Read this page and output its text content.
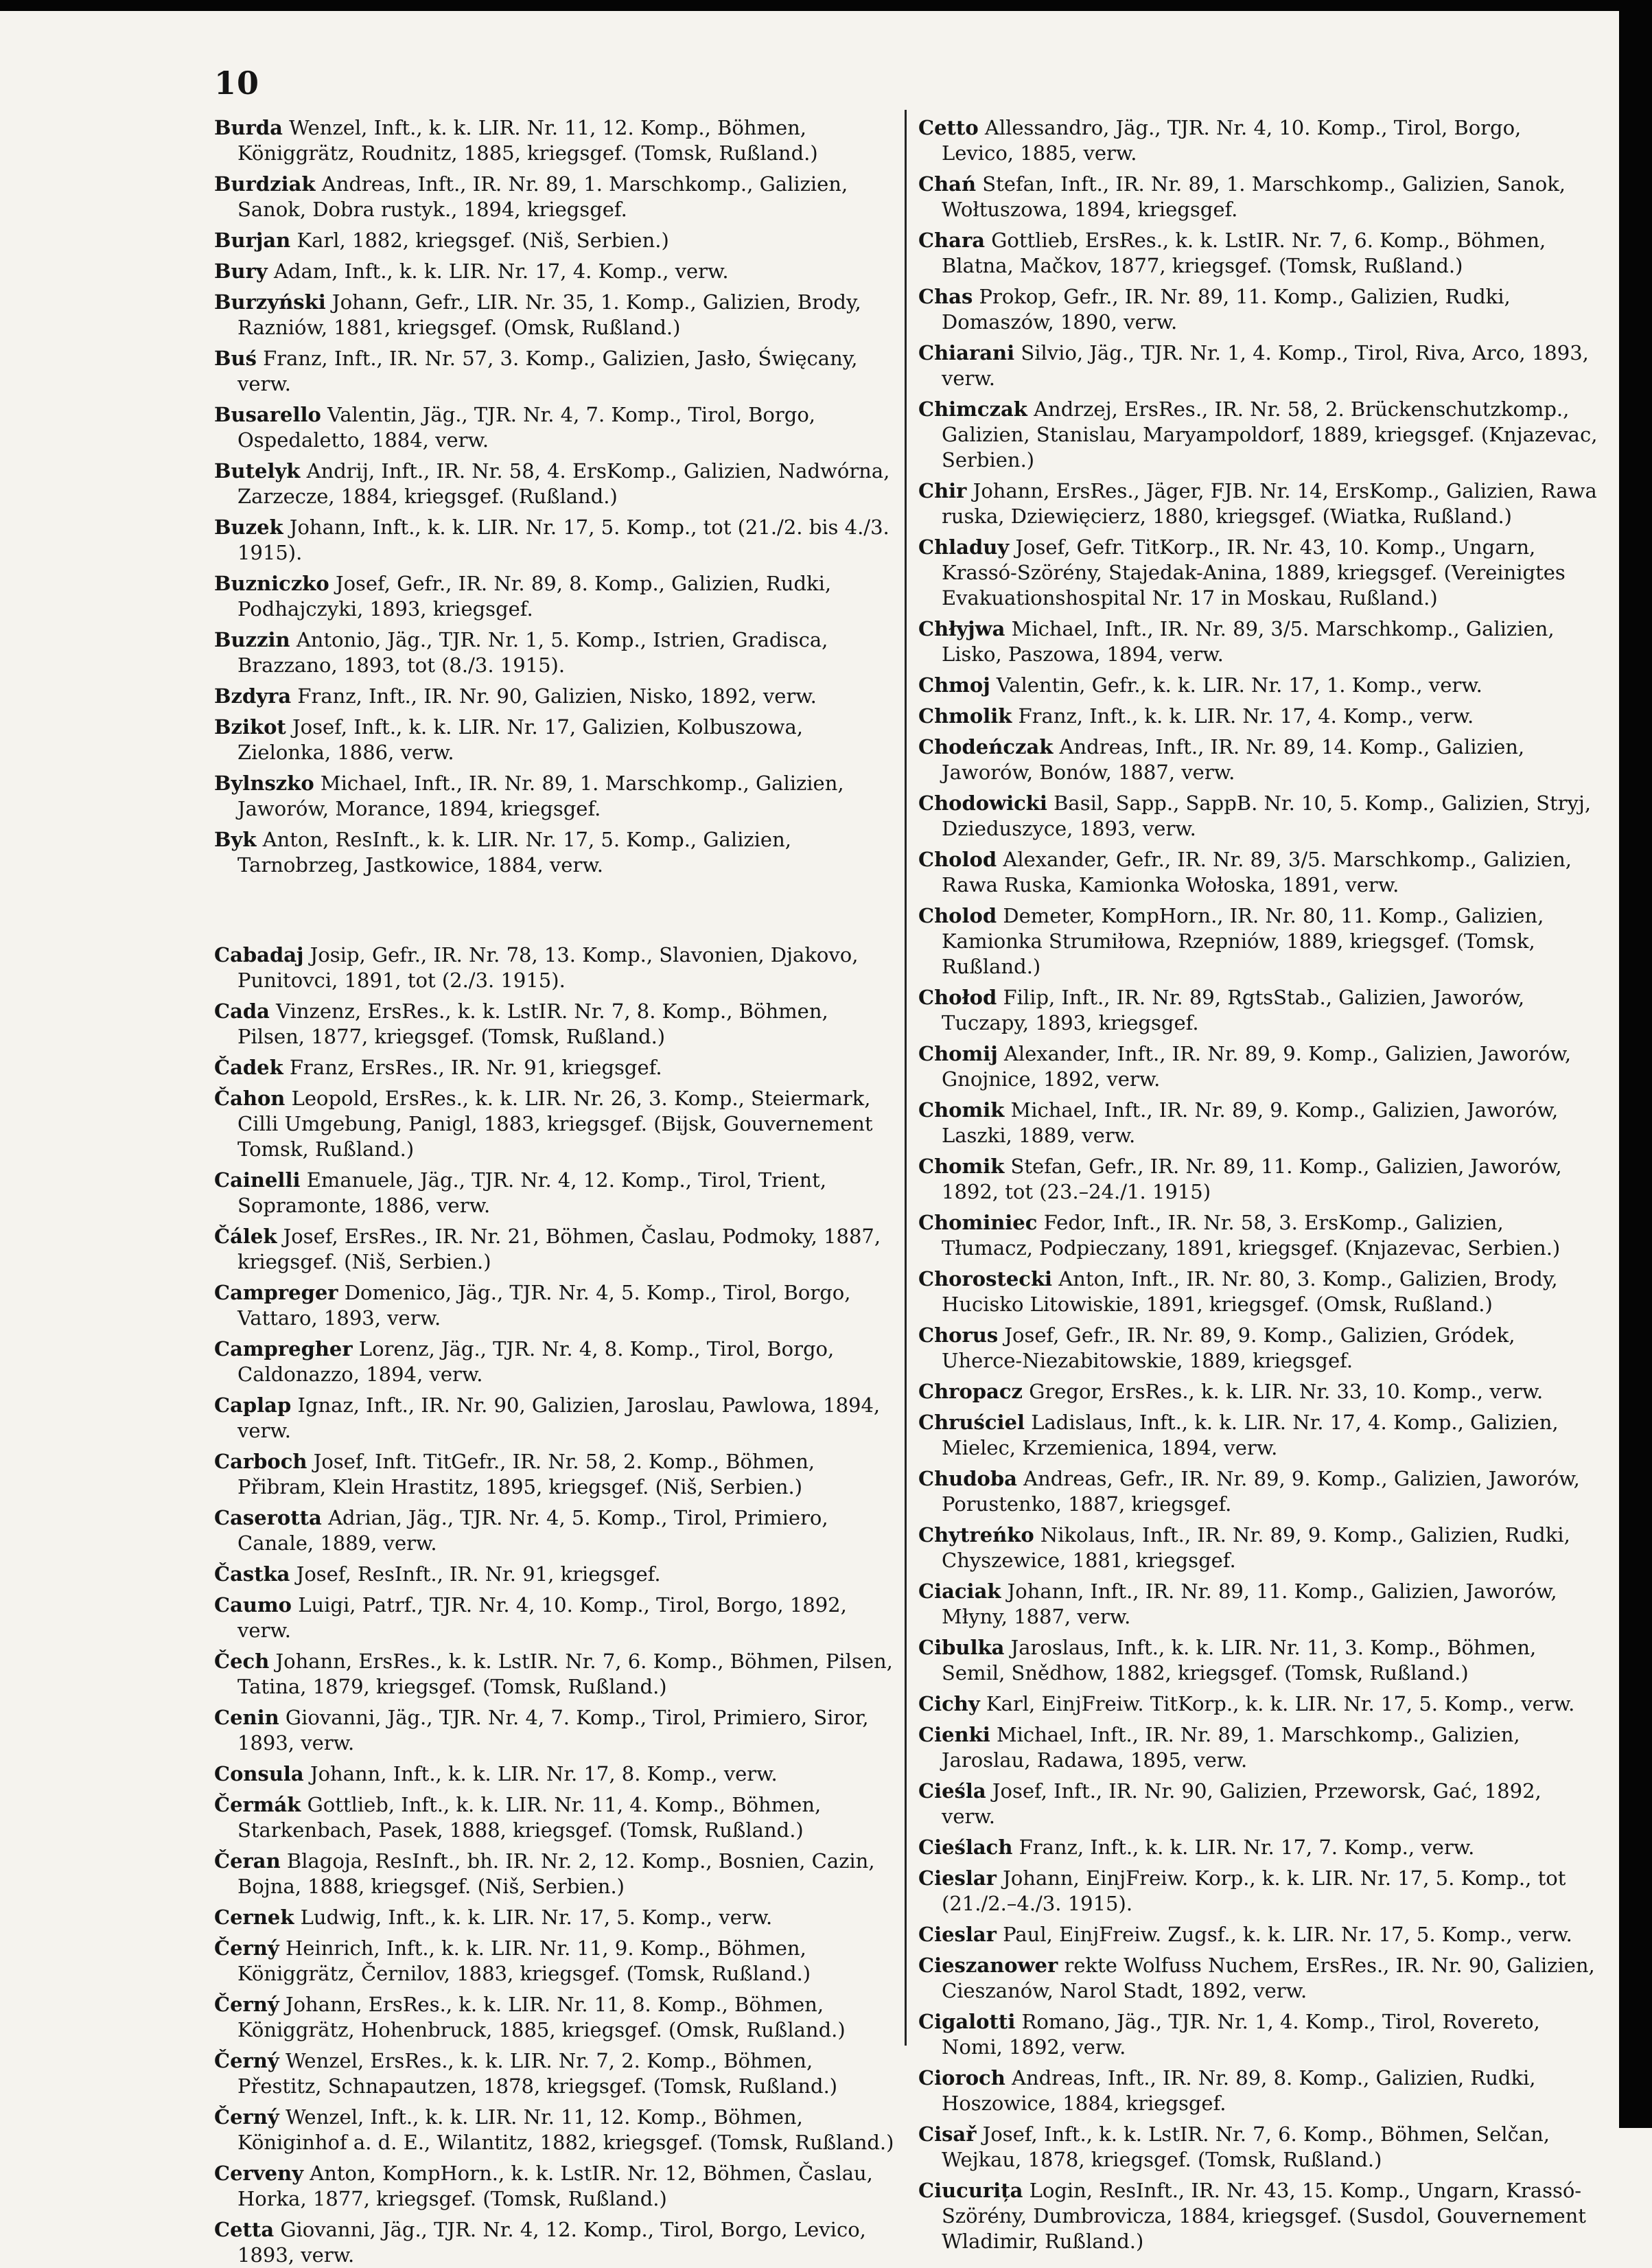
10
Burda Wenzel, Inft., k. k. LIR. Nr. 11, 12. Komp., Böhmen, Königgrätz, Roudnitz, 1885, kriegsgef. (Tomsk, Rußland.)
Burdziak Andreas, Inft., IR. Nr. 89, 1. Marschkomp., Galizien, Sanok, Dobra rustyk., 1894, kriegsgef.
Burjan Karl, 1882, kriegsgef. (Niš, Serbien.)
Bury Adam, Inft., k. k. LIR. Nr. 17, 4. Komp., verw.
Burzyński Johann, Gefr., LIR. Nr. 35, 1. Komp., Galizien, Brody, Razniów, 1881, kriegsgef. (Omsk, Rußland.)
Buś Franz, Inft., IR. Nr. 57, 3. Komp., Galizien, Jasło, Święcany, verw.
Busarello Valentin, Jäg., TJR. Nr. 4, 7. Komp., Tirol, Borgo, Ospedaletto, 1884, verw.
Butelyk Andrij, Inft., IR. Nr. 58, 4. ErsKomp., Galizien, Nadwórna, Zarzecze, 1884, kriegsgef. (Rußland.)
Buzek Johann, Inft., k. k. LIR. Nr. 17, 5. Komp., tot (21./2. bis 4./3. 1915).
Buzniczko Josef, Gefr., IR. Nr. 89, 8. Komp., Galizien, Rudki, Podhajczyki, 1893, kriegsgef.
Buzzin Antonio, Jäg., TJR. Nr. 1, 5. Komp., Istrien, Gradisca, Brazzano, 1893, tot (8./3. 1915).
Bzdyra Franz, Inft., IR. Nr. 90, Galizien, Nisko, 1892, verw.
Bzikot Josef, Inft., k. k. LIR. Nr. 17, Galizien, Kolbuszowa, Zielonka, 1886, verw.
Bylnszko Michael, Inft., IR. Nr. 89, 1. Marschkomp., Galizien, Jaworów, Morance, 1894, kriegsgef.
Byk Anton, ResInft., k. k. LIR. Nr. 17, 5. Komp., Galizien, Tarnobrzeg, Jastkowice, 1884, verw.
Cabadaj Josip, Gefr., IR. Nr. 78, 13. Komp., Slavonien, Djakovo, Punitovci, 1891, tot (2./3. 1915).
Cada Vinzenz, ErsRes., k. k. LstIR. Nr. 7, 8. Komp., Böhmen, Pilsen, 1877, kriegsgef. (Tomsk, Rußland.)
Čadek Franz, ErsRes., IR. Nr. 91, kriegsgef.
Čahon Leopold, ErsRes., k. k. LIR. Nr. 26, 3. Komp., Steiermark, Cilli Umgebung, Panigl, 1883, kriegsgef. (Bijsk, Gouvernement Tomsk, Rußland.)
Cainelli Emanuele, Jäg., TJR. Nr. 4, 12. Komp., Tirol, Trient, Sopramonte, 1886, verw.
Čálek Josef, ErsRes., IR. Nr. 21, Böhmen, Časlau, Podmoky, 1887, kriegsgef. (Niš, Serbien.)
Campreger Domenico, Jäg., TJR. Nr. 4, 5. Komp., Tirol, Borgo, Vattaro, 1893, verw.
Campregher Lorenz, Jäg., TJR. Nr. 4, 8. Komp., Tirol, Borgo, Caldonazzo, 1894, verw.
Caplap Ignaz, Inft., IR. Nr. 90, Galizien, Jaroslau, Pawlowa, 1894, verw.
Carboch Josef, Inft. TitGefr., IR. Nr. 58, 2. Komp., Böhmen, Přibram, Klein Hrastitz, 1895, kriegsgef. (Niš, Serbien.)
Caserotta Adrian, Jäg., TJR. Nr. 4, 5. Komp., Tirol, Primiero, Canale, 1889, verw.
Častka Josef, ResInft., IR. Nr. 91, kriegsgef.
Caumo Luigi, Patrf., TJR. Nr. 4, 10. Komp., Tirol, Borgo, 1892, verw.
Čech Johann, ErsRes., k. k. LstIR. Nr. 7, 6. Komp., Böhmen, Pilsen, Tatina, 1879, kriegsgef. (Tomsk, Rußland.)
Cenin Giovanni, Jäg., TJR. Nr. 4, 7. Komp., Tirol, Primiero, Siror, 1893, verw.
Consula Johann, Inft., k. k. LIR. Nr. 17, 8. Komp., verw.
Čermák Gottlieb, Inft., k. k. LIR. Nr. 11, 4. Komp., Böhmen, Starkenbach, Pasek, 1888, kriegsgef. (Tomsk, Rußland.)
Čeran Blagoja, ResInft., bh. IR. Nr. 2, 12. Komp., Bosnien, Cazin, Bojna, 1888, kriegsgef. (Niš, Serbien.)
Cernek Ludwig, Inft., k. k. LIR. Nr. 17, 5. Komp., verw.
Černý Heinrich, Inft., k. k. LIR. Nr. 11, 9. Komp., Böhmen, Königgrätz, Černilov, 1883, kriegsgef. (Tomsk, Rußland.)
Černý Johann, ErsRes., k. k. LIR. Nr. 11, 8. Komp., Böhmen, Königgrätz, Hohenbruck, 1885, kriegsgef. (Omsk, Rußland.)
Černý Wenzel, ErsRes., k. k. LIR. Nr. 7, 2. Komp., Böhmen, Přestitz, Schnapautzen, 1878, kriegsgef. (Tomsk, Rußland.)
Černý Wenzel, Inft., k. k. LIR. Nr. 11, 12. Komp., Böhmen, Königinhof a. d. E., Wilantitz, 1882, kriegsgef. (Tomsk, Rußland.)
Cerveny Anton, KompHorn., k. k. LstIR. Nr. 12, Böhmen, Časlau, Horka, 1877, kriegsgef. (Tomsk, Rußland.)
Cetta Giovanni, Jäg., TJR. Nr. 4, 12. Komp., Tirol, Borgo, Levico, 1893, verw.
Cetto Allessandro, Jäg., TJR. Nr. 4, 10. Komp., Tirol, Borgo, Levico, 1885, verw.
Chań Stefan, Inft., IR. Nr. 89, 1. Marschkomp., Galizien, Sanok, Wołtuszowa, 1894, kriegsgef.
Chara Gottlieb, ErsRes., k. k. LstIR. Nr. 7, 6. Komp., Böhmen, Blatna, Mačkov, 1877, kriegsgef. (Tomsk, Rußland.)
Chas Prokop, Gefr., IR. Nr. 89, 11. Komp., Galizien, Rudki, Domaszów, 1890, verw.
Chiarani Silvio, Jäg., TJR. Nr. 1, 4. Komp., Tirol, Riva, Arco, 1893, verw.
Chimczak Andrzej, ErsRes., IR. Nr. 58, 2. Brückenschutzkomp., Galizien, Stanislau, Maryampoldorf, 1889, kriegsgef. (Knjazevac, Serbien.)
Chir Johann, ErsRes., Jäger, FJB. Nr. 14, ErsKomp., Galizien, Rawa ruska, Dziewięcierz, 1880, kriegsgef. (Wiatka, Rußland.)
Chladuy Josef, Gefr. TitKorp., IR. Nr. 43, 10. Komp., Ungarn, Krassó-Szörény, Stajedak-Anina, 1889, kriegsgef. (Vereinigtes Evakuationshospital Nr. 17 in Moskau, Rußland.)
Chłyjwa Michael, Inft., IR. Nr. 89, 3/5. Marschkomp., Galizien, Lisko, Paszowa, 1894, verw.
Chmoj Valentin, Gefr., k. k. LIR. Nr. 17, 1. Komp., verw.
Chmolik Franz, Inft., k. k. LIR. Nr. 17, 4. Komp., verw.
Chodeńczak Andreas, Inft., IR. Nr. 89, 14. Komp., Galizien, Jaworów, Bonów, 1887, verw.
Chodowicki Basil, Sapp., SappB. Nr. 10, 5. Komp., Galizien, Stryj, Dzieduszyce, 1893, verw.
Cholod Alexander, Gefr., IR. Nr. 89, 3/5. Marschkomp., Galizien, Rawa Ruska, Kamionka Wołoska, 1891, verw.
Cholod Demeter, KompHorn., IR. Nr. 80, 11. Komp., Galizien, Kamionka Strumiłowa, Rzepniów, 1889, kriegsgef. (Tomsk, Rußland.)
Chołod Filip, Inft., IR. Nr. 89, RgtsStab., Galizien, Jaworów, Tuczapy, 1893, kriegsgef.
Chomij Alexander, Inft., IR. Nr. 89, 9. Komp., Galizien, Jaworów, Gnojnice, 1892, verw.
Chomik Michael, Inft., IR. Nr. 89, 9. Komp., Galizien, Jaworów, Laszki, 1889, verw.
Chomik Stefan, Gefr., IR. Nr. 89, 11. Komp., Galizien, Jaworów, 1892, tot (23.–24./1. 1915)
Chominiec Fedor, Inft., IR. Nr. 58, 3. ErsKomp., Galizien, Tłumacz, Podpieczany, 1891, kriegsgef. (Knjazevac, Serbien.)
Chorostecki Anton, Inft., IR. Nr. 80, 3. Komp., Galizien, Brody, Hucisko Litowiskie, 1891, kriegsgef. (Omsk, Rußland.)
Chorus Josef, Gefr., IR. Nr. 89, 9. Komp., Galizien, Gródek, Uherce-Niezabitowskie, 1889, kriegsgef.
Chropacz Gregor, ErsRes., k. k. LIR. Nr. 33, 10. Komp., verw.
Chruściel Ladislaus, Inft., k. k. LIR. Nr. 17, 4. Komp., Galizien, Mielec, Krzemienica, 1894, verw.
Chudoba Andreas, Gefr., IR. Nr. 89, 9. Komp., Galizien, Jaworów, Porustenko, 1887, kriegsgef.
Chytreńko Nikolaus, Inft., IR. Nr. 89, 9. Komp., Galizien, Rudki, Chyszewice, 1881, kriegsgef.
Ciaciak Johann, Inft., IR. Nr. 89, 11. Komp., Galizien, Jaworów, Młyny, 1887, verw.
Cibulka Jaroslaus, Inft., k. k. LIR. Nr. 11, 3. Komp., Böhmen, Semil, Snědhow, 1882, kriegsgef. (Tomsk, Rußland.)
Cichy Karl, EinjFreiw. TitKorp., k. k. LIR. Nr. 17, 5. Komp., verw.
Cienki Michael, Inft., IR. Nr. 89, 1. Marschkomp., Galizien, Jaroslau, Radawa, 1895, verw.
Cieśla Josef, Inft., IR. Nr. 90, Galizien, Przeworsk, Gać, 1892, verw.
Cieślach Franz, Inft., k. k. LIR. Nr. 17, 7. Komp., verw.
Cieslar Johann, EinjFreiw. Korp., k. k. LIR. Nr. 17, 5. Komp., tot (21./2.–4./3. 1915).
Cieslar Paul, EinjFreiw. Zugsf., k. k. LIR. Nr. 17, 5. Komp., verw.
Cieszanower rekte Wolfuss Nuchem, ErsRes., IR. Nr. 90, Galizien, Cieszanów, Narol Stadt, 1892, verw.
Cigalotti Romano, Jäg., TJR. Nr. 1, 4. Komp., Tirol, Rovereto, Nomi, 1892, verw.
Cioroch Andreas, Inft., IR. Nr. 89, 8. Komp., Galizien, Rudki, Hoszowice, 1884, kriegsgef.
Cisař Josef, Inft., k. k. LstIR. Nr. 7, 6. Komp., Böhmen, Selčan, Wejkau, 1878, kriegsgef. (Tomsk, Rußland.)
Ciucurița Login, ResInft., IR. Nr. 43, 15. Komp., Ungarn, Krassó-Szörény, Dumbrovicza, 1884, kriegsgef. (Susdol, Gouvernement Wladimir, Rußland.)
